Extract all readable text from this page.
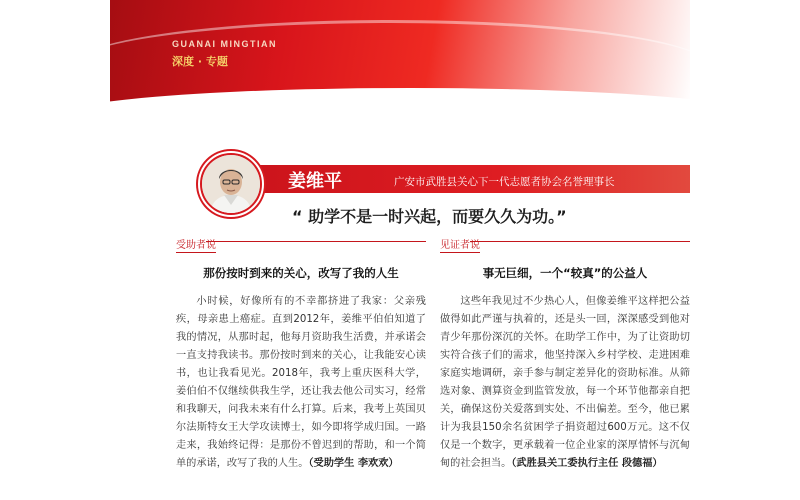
GUANAI MINGTIAN
深度 · 专题
姜维平	广安市武胜县关心下一代志愿者协会名誉理事长
“ 助学不是一时兴起，而要久久为功。”
受助者说
那份按时到来的关心，改写了我的人生
小时候，好像所有的不幸都挤进了我家：父亲残疾，母亲患上癌症。直到2012年，姜维平伯伯知道了我的情况，从那时起，他每月资助我生活费，并承诺会一直支持我读书。那份按时到来的关心，让我能安心读书，也让我看见光。2018年，我考上重庆医科大学，姜伯伯不仅继续供我生学，还让我去他公司实习，经常和我聊天，问我未来有什么打算。后来，我考上英国贝尔法斯特女王大学攻读博士，如今即将学成归国。一路走来，我始终记得：是那份不曾迟到的帮助，和一个简单的承诺，改写了我的人生。（受助学生 李欢欢）
见证者说
事无巨细，一个“较真”的公益人
这些年我见过不少热心人，但像姜维平这样把公益做得如此严谨与执着的，还是头一回，深深感受到他对青少年那份深沉的关怀。在助学工作中，为了让资助切实符合孩子们的需求，他坚持深入乡村学校、走进困难家庭实地调研，亲手参与制定差异化的资助标准。从筛选对象、测算资金到监管发放，每一个环节他都亲自把关，确保这份关爱落到实处、不出偏差。至今，他已累计为我县150余名贫困学子捐资超过600万元。这不仅仅是一个数字，更承载着一位企业家的深厚情怀与沉甸甸的社会担当。（武胜县关工委执行主任 段德福）
